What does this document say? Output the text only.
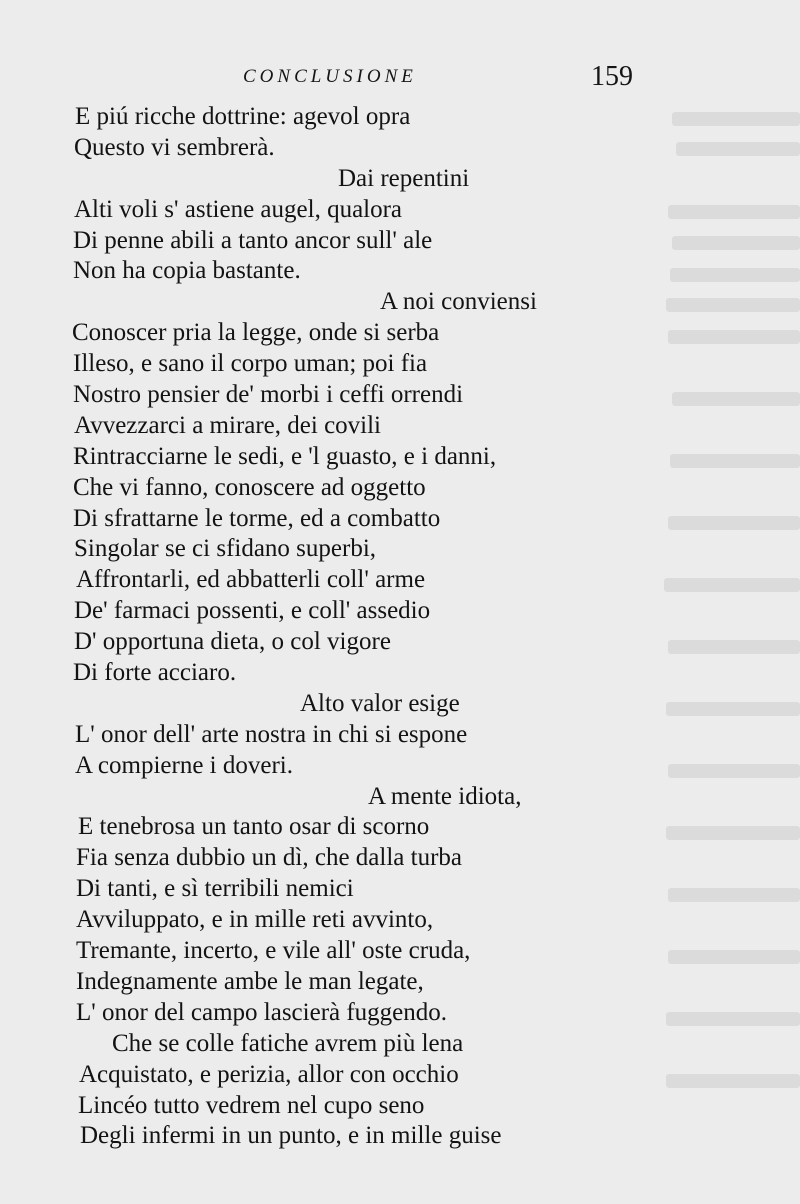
CONCLUSIONE	159
E piú ricche dottrine: agevol opra
Questo vi sembrerà.
Dai repentini
Alti voli s' astiene augel, qualora
Di penne abili a tanto ancor sull' ale
Non ha copia bastante.
A noi conviensi
Conoscer pria la legge, onde si serba
Illeso, e sano il corpo uman; poi fia
Nostro pensier de' morbi i ceffi orrendi
Avvezzarci a mirare, dei covili
Rintracciarne le sedi, e 'l guasto, e i danni,
Che vi fanno, conoscere ad oggetto
Di sfrattarne le torme, ed a combatto
Singolar se ci sfidano superbi,
Affrontarli, ed abbatterli coll' arme
De' farmaci possenti, e coll' assedio
D' opportuna dieta, o col vigore
Di forte acciaro.
Alto valor esige
L' onor dell' arte nostra in chi si espone
A compierne i doveri.
A mente idiota,
E tenebrosa un tanto osar di scorno
Fia senza dubbio un dì, che dalla turba
Di tanti, e sì terribili nemici
Avviluppato, e in mille reti avvinto,
Tremante, incerto, e vile all' oste cruda,
Indegnamente ambe le man legate,
L' onor del campo lascierà fuggendo.
Che se colle fatiche avrem più lena
Acquistato, e perizia, allor con occhio
Lincéo tutto vedrem nel cupo seno
Degli infermi in un punto, e in mille guise
